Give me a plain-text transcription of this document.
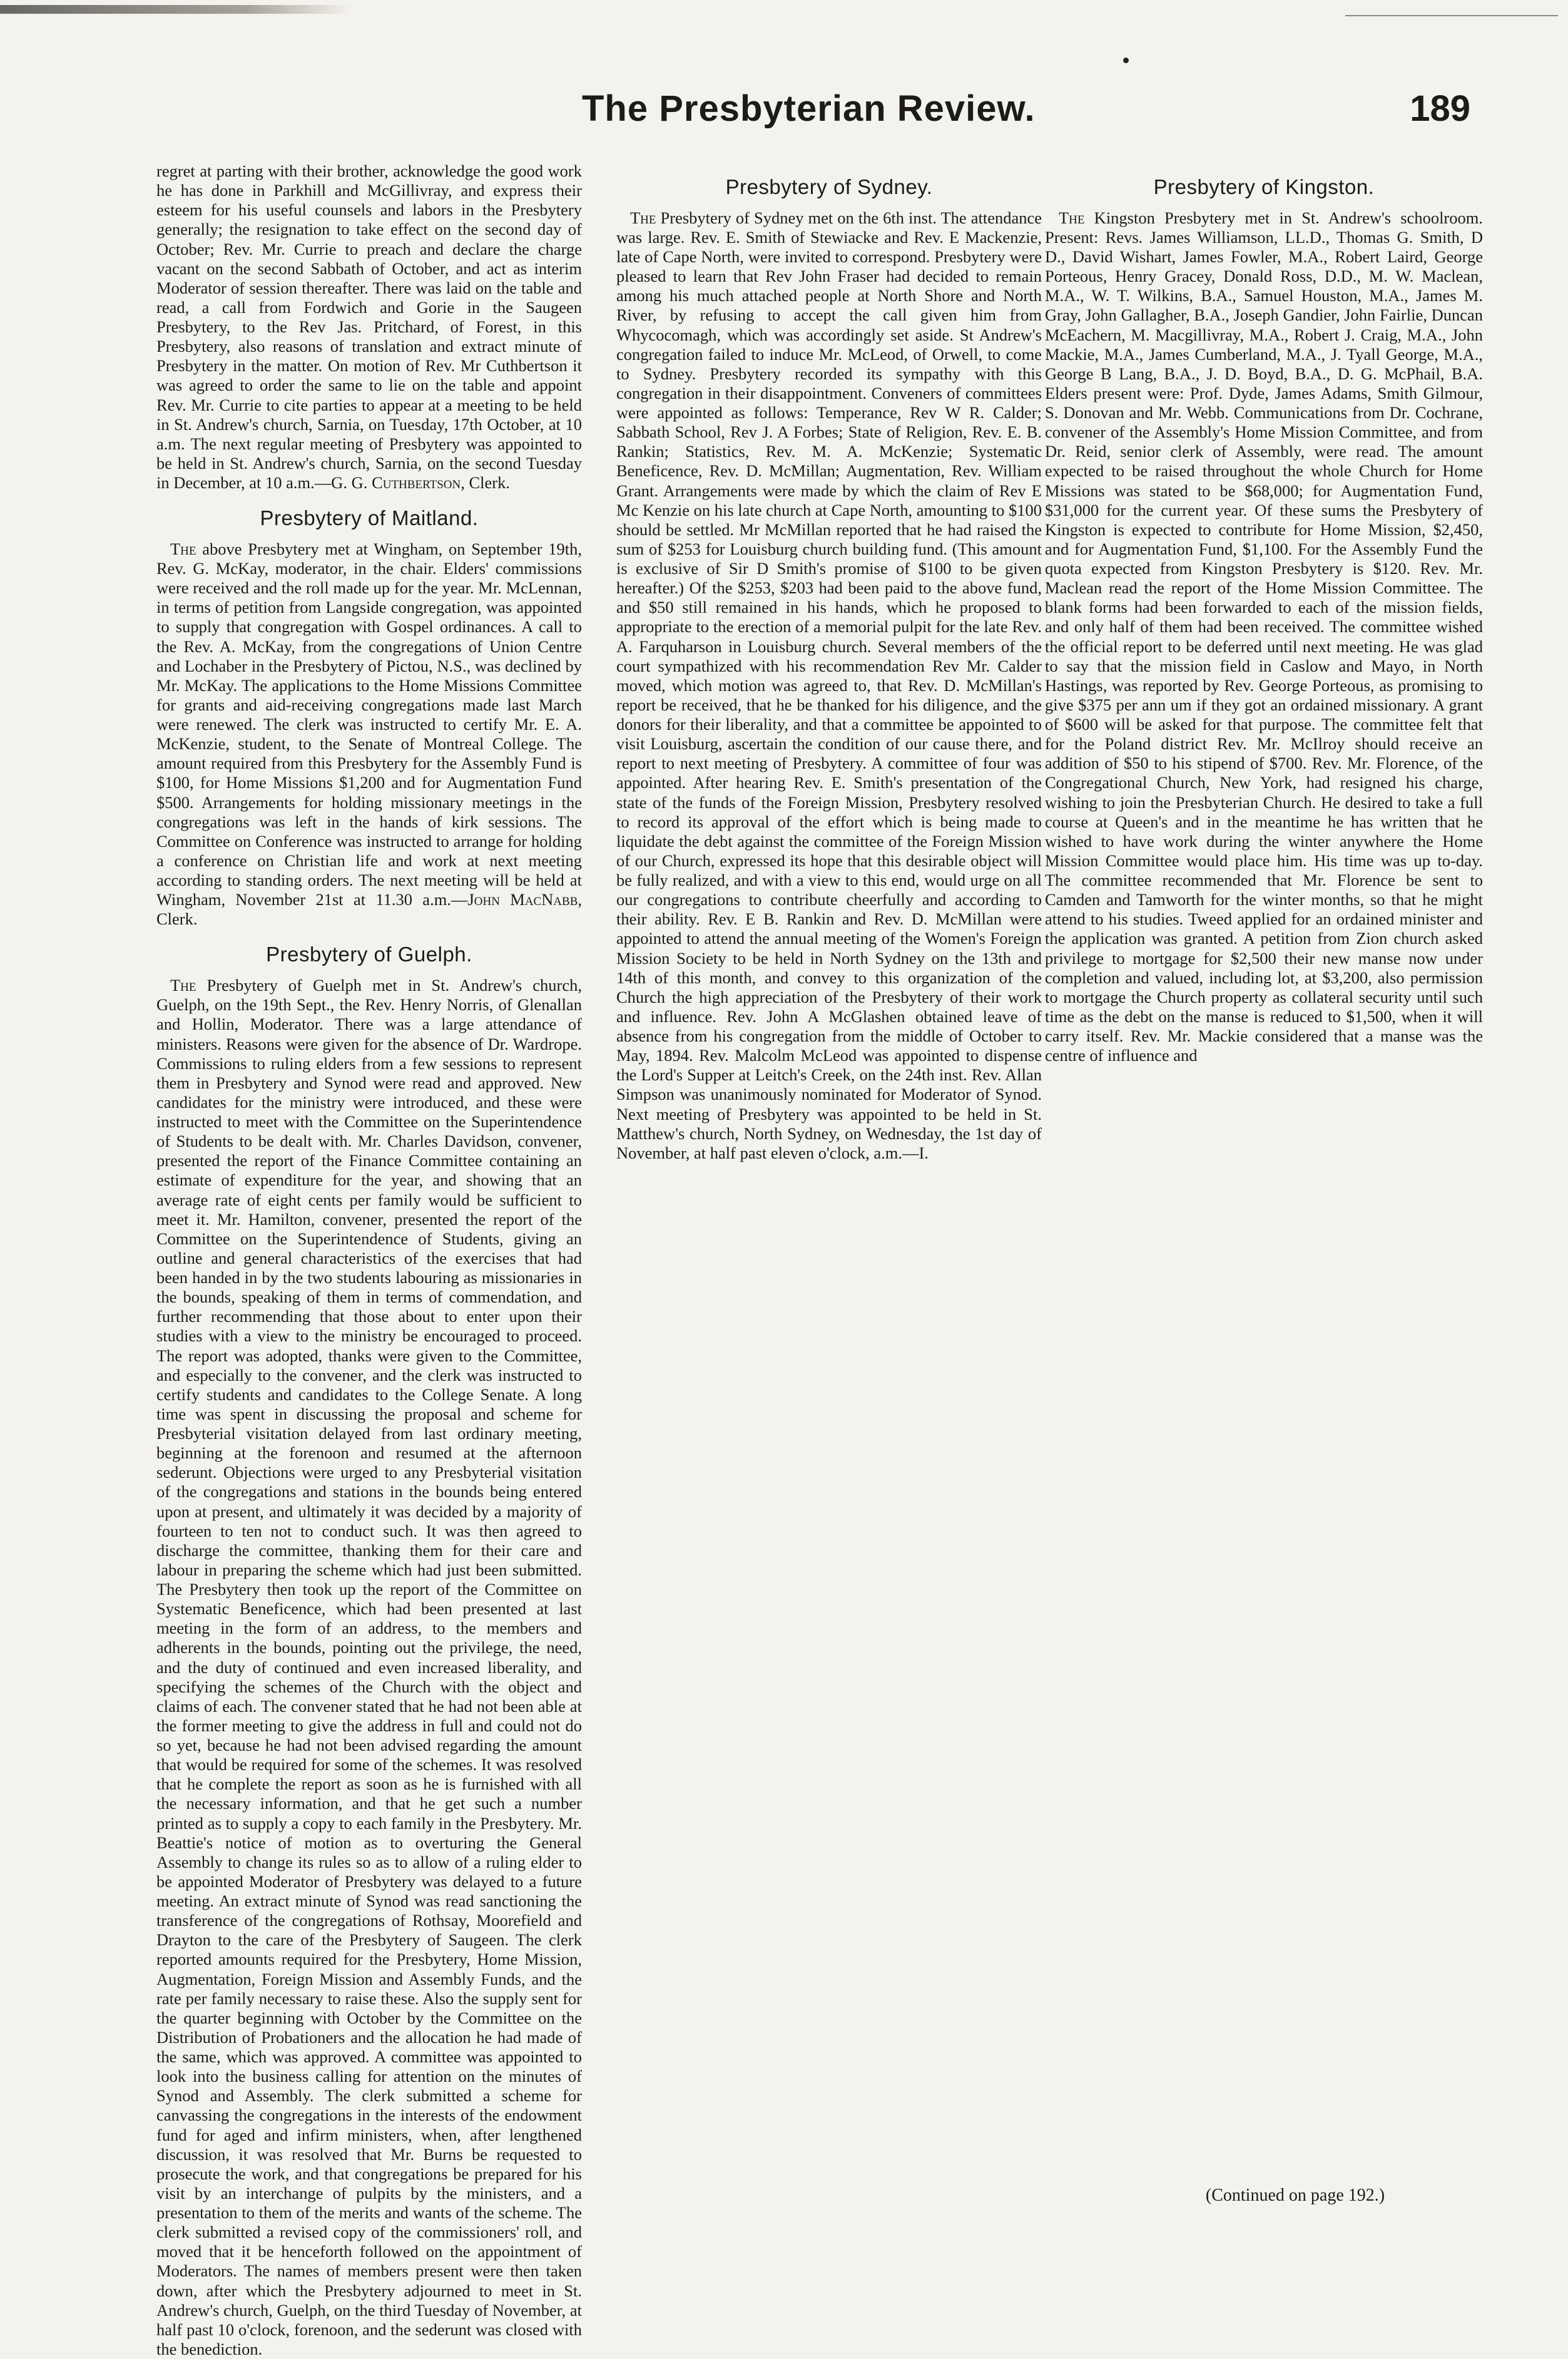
The Presbyterian Review.	189

regret at parting with their brother, acknowledge the good work he has done in Parkhill and McGillivray, and express their esteem for his useful counsels and labors in the Presbytery generally; the resignation to take effect on the second day of October; Rev. Mr. Currie to preach and declare the charge vacant on the second Sabbath of October, and act as interim Moderator of session thereafter. There was laid on the table and read, a call from Fordwich and Gorie in the Saugeen Presbytery, to the Rev Jas. Pritchard, of Forest, in this Presbytery, also reasons of translation and extract minute of Presbytery in the matter. On motion of Rev. Mr Cuthbertson it was agreed to order the same to lie on the table and appoint Rev. Mr. Currie to cite parties to appear at a meeting to be held in St. Andrew's church, Sarnia, on Tuesday, 17th October, at 10 a.m. The next regular meeting of Presbytery was appointed to be held in St. Andrew's church, Sarnia, on the second Tuesday in December, at 10 a.m.—G. G. Cuthbertson, Clerk.

Presbytery of Maitland.

The above Presbytery met at Wingham, on September 19th, Rev. G. McKay, moderator, in the chair. Elders' commissions were received and the roll made up for the year. Mr. McLennan, in terms of petition from Langside congregation, was appointed to supply that congregation with Gospel ordinances. A call to the Rev. A. McKay, from the congregations of Union Centre and Lochaber in the Presbytery of Pictou, N.S., was declined by Mr. McKay. The applications to the Home Missions Committee for grants and aid-receiving congregations made last March were renewed. The clerk was instructed to certify Mr. E. A. McKenzie, student, to the Senate of Montreal College. The amount required from this Presbytery for the Assembly Fund is $100, for Home Missions $1,200 and for Augmentation Fund $500. Arrangements for holding missionary meetings in the congregations was left in the hands of kirk sessions. The Committee on Conference was instructed to arrange for holding a conference on Christian life and work at next meeting according to standing orders. The next meeting will be held at Wingham, November 21st at 11.30 a.m.—John MacNabb, Clerk.

Presbytery of Guelph.

The Presbytery of Guelph met in St. Andrew's church, Guelph, on the 19th Sept., the Rev. Henry Norris, of Glenallan and Hollin, Moderator. There was a large attendance of ministers. Reasons were given for the absence of Dr. Wardrope. Commissions to ruling elders from a few sessions to represent them in Presbytery and Synod were read and approved. New candidates for the ministry were introduced, and these were instructed to meet with the Committee on the Superintendence of Students to be dealt with. Mr. Charles Davidson, convener, presented the report of the Finance Committee containing an estimate of expenditure for the year, and showing that an average rate of eight cents per family would be sufficient to meet it. Mr. Hamilton, convener, presented the report of the Committee on the Superintendence of Students, giving an outline and general characteristics of the exercises that had been handed in by the two students labouring as missionaries in the bounds, speaking of them in terms of commendation, and further recommending that those about to enter upon their studies with a view to the ministry be encouraged to proceed. The report was adopted, thanks were given to the Committee, and especially to the convener, and the clerk was instructed to certify students and candidates to the College Senate. A long time was spent in discussing the proposal and scheme for Presbyterial visitation delayed from last ordinary meeting, beginning at the forenoon and resumed at the afternoon sederunt. Objections were urged to any Presbyterial visitation of the congregations and stations in the bounds being entered upon at present, and ultimately it was decided by a majority of fourteen to ten not to conduct such. It was then agreed to discharge the committee, thanking them for their care and labour in preparing the scheme which had just been submitted. The Presbytery then took up the report of the Committee on Systematic Beneficence, which had been presented at last meeting in the form of an address, to the members and adherents in the bounds, pointing out the privilege, the need, and the duty of continued and even increased liberality, and specifying the schemes of the Church with the object and claims of each. The convener stated that he had not been able at the former meeting to give the address in full and could not do so yet, because he had not been advised regarding the amount that would be required for some of the schemes. It was resolved that he complete the report as soon as he is furnished with all the necessary information, and that he get such a number printed as to supply a copy to each family in the Presbytery. Mr. Beattie's notice of motion as to overturing the General Assembly to change its rules so as to allow of a ruling elder to be appointed Moderator of Presbytery was delayed to a future meeting. An extract minute of Synod was read sanctioning the transference of the congregations of Rothsay, Moorefield and Drayton to the care of the Presbytery of Saugeen. The clerk reported amounts required for the Presbytery, Home Mission, Augmentation, Foreign Mission and Assembly Funds, and the rate per family necessary to raise these. Also the supply sent for the quarter beginning with October by the Committee on the Distribution of Probationers and the allocation he had made of the same, which was approved. A committee was appointed to look into the business calling for attention on the minutes of Synod and Assembly. The clerk submitted a scheme for canvassing the congregations in the interests of the endowment fund for aged and infirm ministers, when, after lengthened discussion, it was resolved that Mr. Burns be requested to prosecute the work, and that congregations be prepared for his visit by an interchange of pulpits by the ministers, and a presentation to them of the merits and wants of the scheme. The clerk submitted a revised copy of the commissioners' roll, and moved that it be henceforth followed on the appointment of Moderators. The names of members present were then taken down, after which the Presbytery adjourned to meet in St. Andrew's church, Guelph, on the third Tuesday of November, at half past 10 o'clock, forenoon, and the sederunt was closed with the benediction.

Presbytery of Sydney.

The Presbytery of Sydney met on the 6th inst. The attendance was large. Rev. E. Smith of Stewiacke and Rev. E Mackenzie, late of Cape North, were invited to correspond. Presbytery were pleased to learn that Rev John Fraser had decided to remain among his much attached people at North Shore and North River, by refusing to accept the call given him from Whycocomagh, which was accordingly set aside. St Andrew's congregation failed to induce Mr. McLeod, of Orwell, to come to Sydney. Presbytery recorded its sympathy with this congregation in their disappointment. Conveners of committees were appointed as follows: Temperance, Rev W R. Calder; Sabbath School, Rev J. A Forbes; State of Religion, Rev. E. B. Rankin; Statistics, Rev. M. A. McKenzie; Systematic Beneficence, Rev. D. McMillan; Augmentation, Rev. William Grant. Arrangements were made by which the claim of Rev E Mc Kenzie on his late church at Cape North, amounting to $100 should be settled. Mr McMillan reported that he had raised the sum of $253 for Louisburg church building fund. (This amount is exclusive of Sir D Smith's promise of $100 to be given hereafter.) Of the $253, $203 had been paid to the above fund, and $50 still remained in his hands, which he proposed to appropriate to the erection of a memorial pulpit for the late Rev. A. Farquharson in Louisburg church. Several members of the court sympathized with his recommendation Rev Mr. Calder moved, which motion was agreed to, that Rev. D. McMillan's report be received, that he be thanked for his diligence, and the donors for their liberality, and that a committee be appointed to visit Louisburg, ascertain the condition of our cause there, and report to next meeting of Presbytery. A committee of four was appointed. After hearing Rev. E. Smith's presentation of the state of the funds of the Foreign Mission, Presbytery resolved to record its approval of the effort which is being made to liquidate the debt against the committee of the Foreign Mission of our Church, expressed its hope that this desirable object will be fully realized, and with a view to this end, would urge on all our congregations to contribute cheerfully and according to their ability. Rev. E B. Rankin and Rev. D. McMillan were appointed to attend the annual meeting of the Women's Foreign Mission Society to be held in North Sydney on the 13th and 14th of this month, and convey to this organization of the Church the high appreciation of the Presbytery of their work and influence. Rev. John A McGlashen obtained leave of absence from his congregation from the middle of October to May, 1894. Rev. Malcolm McLeod was appointed to dispense the Lord's Supper at Leitch's Creek, on the 24th inst. Rev. Allan Simpson was unanimously nominated for Moderator of Synod. Next meeting of Presbytery was appointed to be held in St. Matthew's church, North Sydney, on Wednesday, the 1st day of November, at half past eleven o'clock, a.m.—I.

Presbytery of Kingston.

The Kingston Presbytery met in St. Andrew's schoolroom. Present: Revs. James Williamson, LL.D., Thomas G. Smith, D D., David Wishart, James Fowler, M.A., Robert Laird, George Porteous, Henry Gracey, Donald Ross, D.D., M. W. Maclean, M.A., W. T. Wilkins, B.A., Samuel Houston, M.A., James M. Gray, John Gallagher, B.A., Joseph Gandier, John Fairlie, Duncan McEachern, M. Macgillivray, M.A., Robert J. Craig, M.A., John Mackie, M.A., James Cumberland, M.A., J. Tyall George, M.A., George B Lang, B.A., J. D. Boyd, B.A., D. G. McPhail, B.A. Elders present were: Prof. Dyde, James Adams, Smith Gilmour, S. Donovan and Mr. Webb. Communications from Dr. Cochrane, convener of the Assembly's Home Mission Committee, and from Dr. Reid, senior clerk of Assembly, were read. The amount expected to be raised throughout the whole Church for Home Missions was stated to be $68,000; for Augmentation Fund, $31,000 for the current year. Of these sums the Presbytery of Kingston is expected to contribute for Home Mission, $2,450, and for Augmentation Fund, $1,100. For the Assembly Fund the quota expected from Kingston Presbytery is $120. Rev. Mr. Maclean read the report of the Home Mission Committee. The blank forms had been forwarded to each of the mission fields, and only half of them had been received. The committee wished the official report to be deferred until next meeting. He was glad to say that the mission field in Caslow and Mayo, in North Hastings, was reported by Rev. George Porteous, as promising to give $375 per ann um if they got an ordained missionary. A grant of $600 will be asked for that purpose. The committee felt that for the Poland district Rev. Mr. McIlroy should receive an addition of $50 to his stipend of $700. Rev. Mr. Florence, of the Congregational Church, New York, had resigned his charge, wishing to join the Presbyterian Church. He desired to take a full course at Queen's and in the meantime he has written that he wished to have work during the winter anywhere the Home Mission Committee would place him. His time was up to-day. The committee recommended that Mr. Florence be sent to Camden and Tamworth for the winter months, so that he might attend to his studies. Tweed applied for an ordained minister and the application was granted. A petition from Zion church asked privilege to mortgage for $2,500 their new manse now under completion and valued, including lot, at $3,200, also permission to mortgage the Church property as collateral security until such time as the debt on the manse is reduced to $1,500, when it will carry itself. Rev. Mr. Mackie considered that a manse was the centre of influence and

(Continued on page 192.)
